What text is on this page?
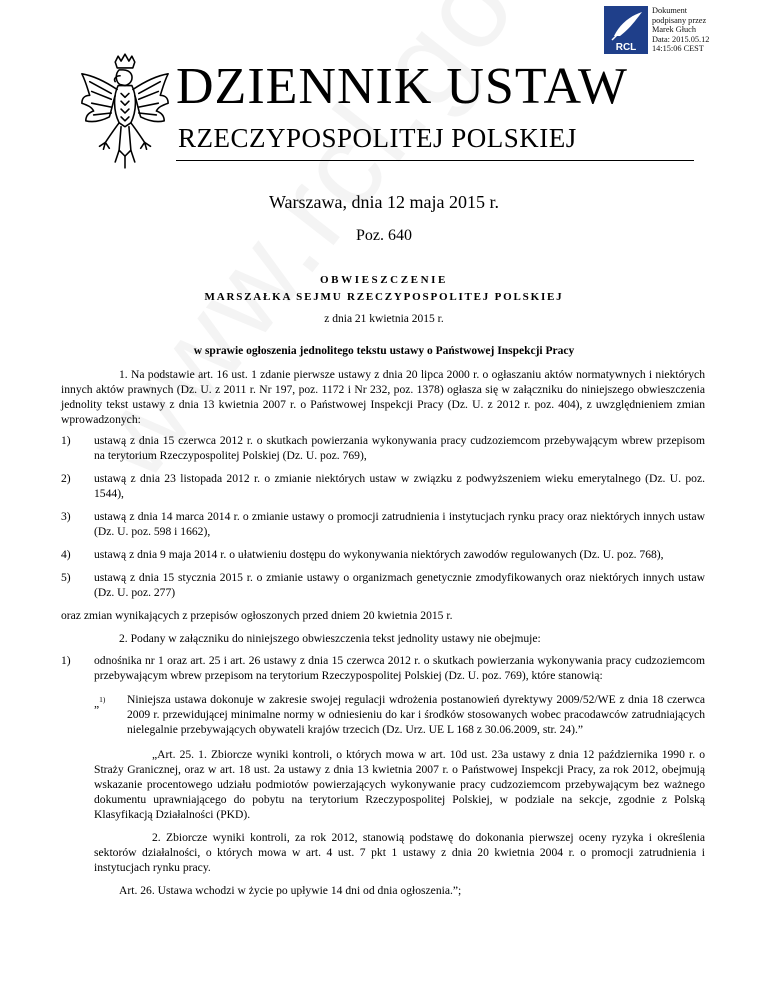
RCL
Dokument
podpisany przez
Marek Głuch
Data: 2015.05.12
14:15:06 CEST
DZIENNIK USTAW
RZECZYPOSPOLITEJ POLSKIEJ

Warszawa, dnia 12 maja 2015 r.

Poz. 640

OBWIESZCZENIE

MARSZAŁKA SEJMU RZECZYPOSPOLITEJ POLSKIEJ

z dnia 21 kwietnia 2015 r.

w sprawie ogłoszenia jednolitego tekstu ustawy o Państwowej Inspekcji Pracy

1. Na podstawie art. 16 ust. 1 zdanie pierwsze ustawy z dnia 20 lipca 2000 r. o ogłaszaniu aktów normatywnych i niektórych innych aktów prawnych (Dz. U. z 2011 r. Nr 197, poz. 1172 i Nr 232, poz. 1378) ogłasza się w załączniku do niniejszego obwieszczenia jednolity tekst ustawy z dnia 13 kwietnia 2007 r. o Państwowej Inspekcji Pracy (Dz. U. z 2012 r. poz. 404), z uwzględnieniem zmian wprowadzonych:

1)	ustawą z dnia 15 czerwca 2012 r. o skutkach powierzania wykonywania pracy cudzoziemcom przebywającym wbrew przepisom na terytorium Rzeczypospolitej Polskiej (Dz. U. poz. 769),
2)	ustawą z dnia 23 listopada 2012 r. o zmianie niektórych ustaw w związku z podwyższeniem wieku emerytalnego (Dz. U. poz. 1544),
3)	ustawą z dnia 14 marca 2014 r. o zmianie ustawy o promocji zatrudnienia i instytucjach rynku pracy oraz niektórych innych ustaw (Dz. U. poz. 598 i 1662),
4)	ustawą z dnia 9 maja 2014 r. o ułatwieniu dostępu do wykonywania niektórych zawodów regulowanych (Dz. U. poz. 768),
5)	ustawą z dnia 15 stycznia 2015 r. o zmianie ustawy o organizmach genetycznie zmodyfikowanych oraz niektórych innych ustaw (Dz. U. poz. 277)

oraz zmian wynikających z przepisów ogłoszonych przed dniem 20 kwietnia 2015 r.

2. Podany w załączniku do niniejszego obwieszczenia tekst jednolity ustawy nie obejmuje:

1)	odnośnika nr 1 oraz art. 25 i art. 26 ustawy z dnia 15 czerwca 2012 r. o skutkach powierzania wykonywania pracy cudzoziemcom przebywającym wbrew przepisom na terytorium Rzeczypospolitej Polskiej (Dz. U. poz. 769), które stanowią:
„$^{1)}$	Niniejsza ustawa dokonuje w zakresie swojej regulacji wdrożenia postanowień dyrektywy 2009/52/WE z dnia 18 czerwca 2009 r. przewidującej minimalne normy w odniesieniu do kar i środków stosowanych wobec pracodawców zatrudniających nielegalnie przebywających obywateli krajów trzecich (Dz. Urz. UE L 168 z 30.06.2009, str. 24).”

„Art. 25. 1. Zbiorcze wyniki kontroli, o których mowa w art. 10d ust. 23a ustawy z dnia 12 października 1990 r. o Straży Granicznej, oraz w art. 18 ust. 2a ustawy z dnia 13 kwietnia 2007 r. o Państwowej Inspekcji Pracy, za rok 2012, obejmują wskazanie procentowego udziału podmiotów powierzających wykonywanie pracy cudzoziemcom przebywającym bez ważnego dokumentu uprawniającego do pobytu na terytorium Rzeczypospolitej Polskiej, w podziale na sekcje, zgodnie z Polską Klasyfikacją Działalności (PKD).

2. Zbiorcze wyniki kontroli, za rok 2012, stanowią podstawę do dokonania pierwszej oceny ryzyka i określenia sektorów działalności, o których mowa w art. 4 ust. 7 pkt 1 ustawy z dnia 20 kwietnia 2004 r. o promocji zatrudnienia i instytucjach rynku pracy.

Art. 26. Ustawa wchodzi w życie po upływie 14 dni od dnia ogłoszenia.”;
